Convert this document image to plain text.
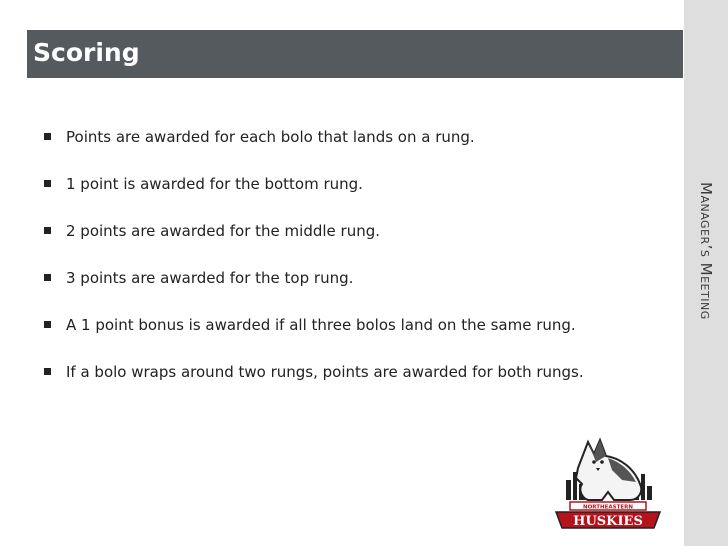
Manager’s Meeting
Scoring
Points are awarded for each bolo that lands on a rung.
1 point is awarded for the bottom rung.
2 points are awarded for the middle rung.
3 points are awarded for the top rung.
A 1 point bonus is awarded if all three bolos land on the same rung.
If a bolo wraps around two rungs, points are awarded for both rungs.
NORTHEASTERN
HUSKIES
